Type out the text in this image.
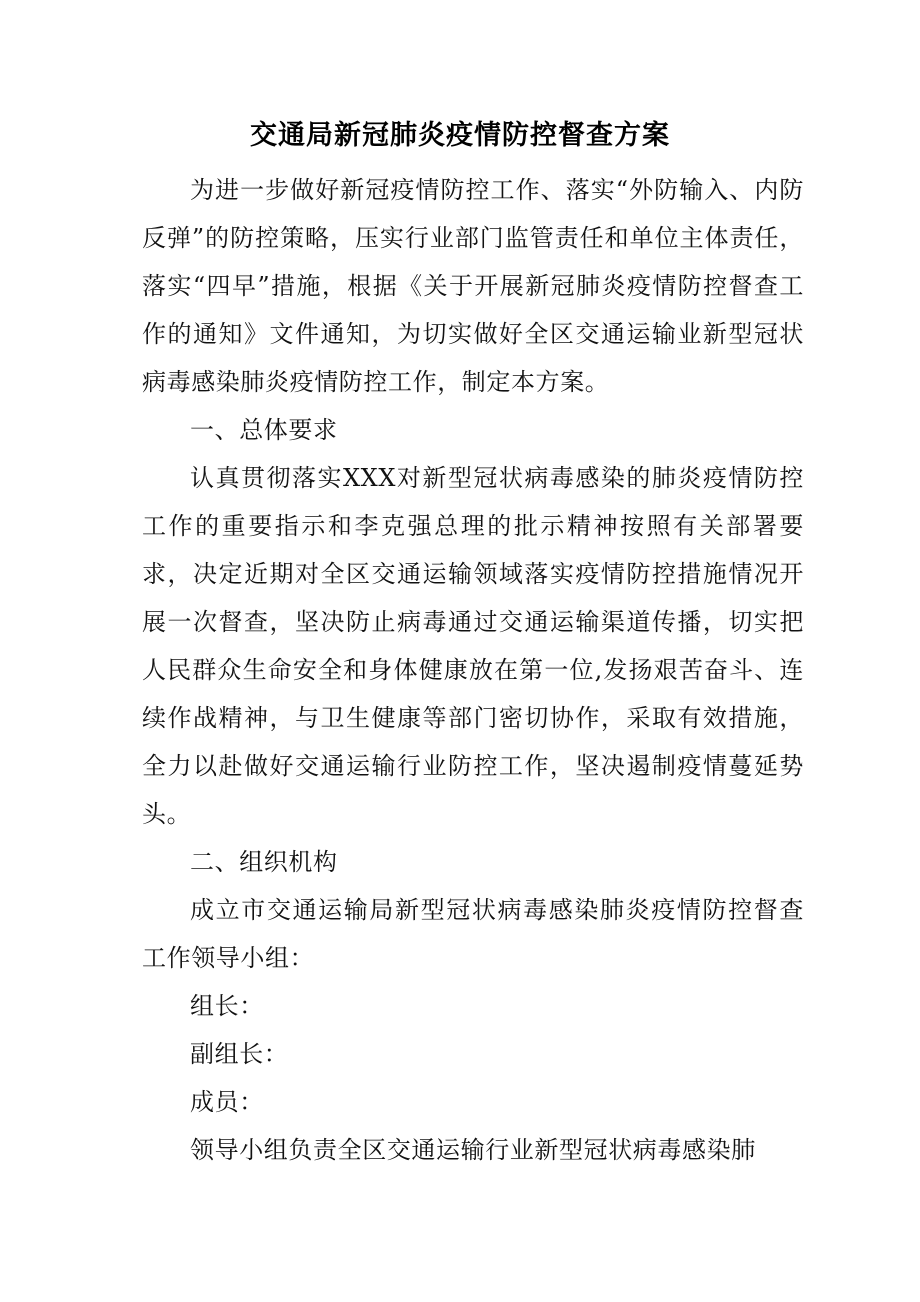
交通局新冠肺炎疫情防控督查方案

为进一步做好新冠疫情防控工作、落实“外防输入、内防反弹”的防控策略，压实行业部门监管责任和单位主体责任，落实“四早”措施，根据《关于开展新冠肺炎疫情防控督查工作的通知》文件通知，为切实做好全区交通运输业新型冠状病毒感染肺炎疫情防控工作，制定本方案。

一、总体要求

认真贯彻落实XXX对新型冠状病毒感染的肺炎疫情防控工作的重要指示和李克强总理的批示精神按照有关部署要求，决定近期对全区交通运输领域落实疫情防控措施情况开展一次督查，坚决防止病毒通过交通运输渠道传播，切实把人民群众生命安全和身体健康放在第一位,发扬艰苦奋斗、连续作战精神，与卫生健康等部门密切协作，采取有效措施，全力以赴做好交通运输行业防控工作，坚决遏制疫情蔓延势头。

二、组织机构

成立市交通运输局新型冠状病毒感染肺炎疫情防控督查工作领导小组：

组长：

副组长：

成员：

领导小组负责全区交通运输行业新型冠状病毒感染肺
